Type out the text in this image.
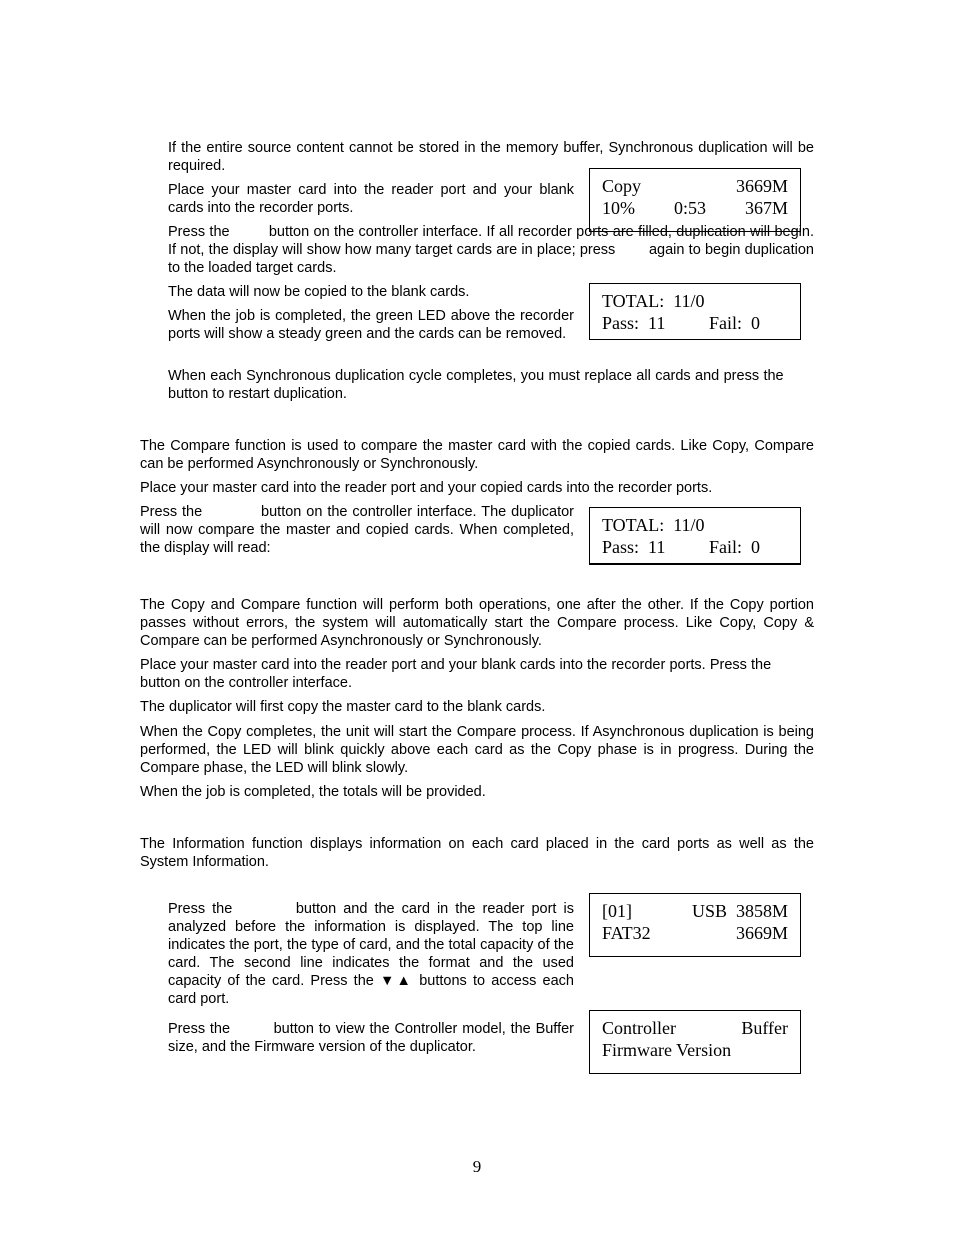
If the entire source content cannot be stored in the memory buffer, Synchronous duplication will be required.

Place your master card into the reader port and your blank cards into the recorder ports.

Copy	3669M
10% 0:53 367M

Press the         button on the controller interface. If all recorder ports are filled, duplication will begin. If not, the display will show how many target cards are in place; press        again to begin duplication to the loaded target cards.

The data will now be copied to the blank cards.	TOTAL:  11/0
Pass:  11 Fail:  0

When the job is completed, the green LED above the recorder ports will show a steady green and the cards can be removed.

When each Synchronous duplication cycle completes, you must replace all cards and press the        button to restart duplication.

The Compare function is used to compare the master card with the copied cards. Like Copy, Compare can be performed Asynchronously or Synchronously.

Place your master card into the reader port and your copied cards into the recorder ports.

Press the            button on the controller interface. The duplicator will now compare the master and copied cards. When completed, the display will read:

TOTAL:  11/0
Pass:  11 Fail:  0

The Copy and Compare function will perform both operations, one after the other. If the Copy portion passes without errors, the system will automatically start the Compare process. Like Copy, Copy & Compare can be performed Asynchronously or Synchronously.

Place your master card into the reader port and your blank cards into the recorder ports. Press the        button on the controller interface.

The duplicator will first copy the master card to the blank cards.

When the Copy completes, the unit will start the Compare process. If Asynchronous duplication is being performed, the LED will blink quickly above each card as the Copy phase is in progress. During the Compare phase, the LED will blink slowly.

When the job is completed, the totals will be provided.

The Information function displays information on each card placed in the card ports as well as the System Information.

Press the         button and the card in the reader port is analyzed before the information is displayed. The top line indicates the port, the type of card, and the total capacity of the card. The second line indicates the format and the used capacity of the card. Press the ▼▲ buttons to access each card port.

[01]	USB  3858M
FAT32	3669M

Press the         button to view the Controller model, the Buffer size, and the Firmware version of the duplicator.

Controller	Buffer
Firmware Version
9
